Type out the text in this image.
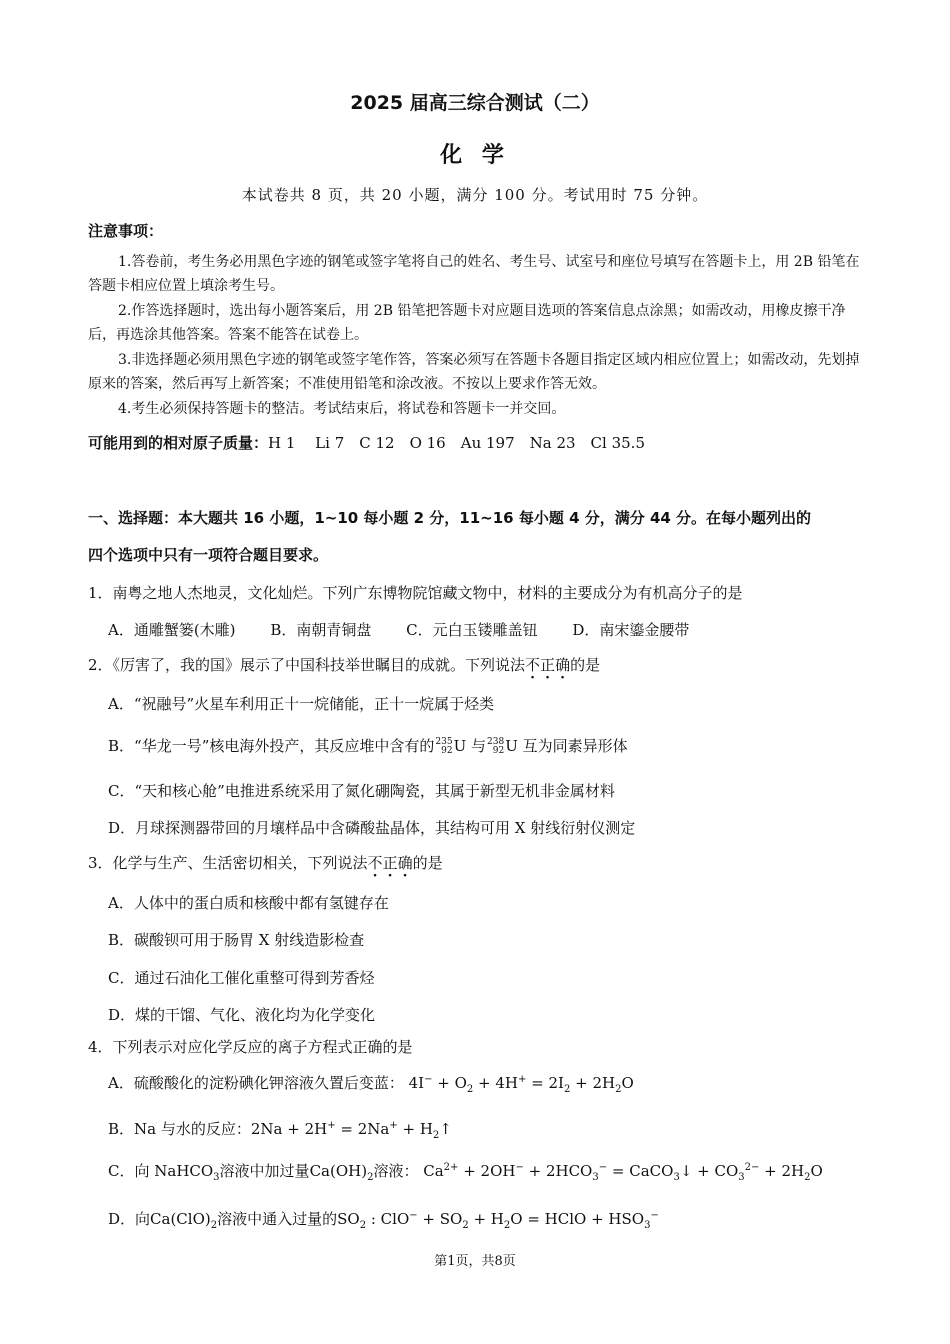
2025 届高三综合测试（二）
化 学
本试卷共 8 页，共 20 小题，满分 100 分。考试用时 75 分钟。
注意事项：
1.答卷前，考生务必用黑色字迹的钢笔或签字笔将自己的姓名、考生号、试室号和座位号填写在答题卡上，用 2B 铅笔在答题卡相应位置上填涂考生号。
2.作答选择题时，选出每小题答案后，用 2B 铅笔把答题卡对应题目选项的答案信息点涂黑；如需改动，用橡皮擦干净后，再选涂其他答案。答案不能答在试卷上。
3.非选择题必须用黑色字迹的钢笔或签字笔作答，答案必须写在答题卡各题目指定区域内相应位置上；如需改动，先划掉原来的答案，然后再写上新答案；不准使用铅笔和涂改液。不按以上要求作答无效。
4.考生必须保持答题卡的整洁。考试结束后，将试卷和答题卡一并交回。
可能用到的相对原子质量：H 1　 Li 7　C 12　O 16　Au 197　Na 23　Cl 35.5
一、选择题：本大题共 16 小题，1~10 每小题 2 分，11~16 每小题 4 分，满分 44 分。在每小题列出的
四个选项中只有一项符合题目要求。
1．南粤之地人杰地灵，文化灿烂。下列广东博物院馆藏文物中，材料的主要成分为有机高分子的是
A．通雕蟹篓(木雕) B．南朝青铜盘 C．元白玉镂雕盖钮 D．南宋鎏金腰带
2．《厉害了，我的国》展示了中国科技举世瞩目的成就。下列说法不正确的是
A．“祝融号”火星车利用正十一烷储能，正十一烷属于烃类
B．“华龙一号”核电海外投产，其反应堆中含有的235
92U 与238
92U 互为同素异形体
C．“天和核心舱”电推进系统采用了氮化硼陶瓷，其属于新型无机非金属材料
D．月球探测器带回的月壤样品中含磷酸盐晶体，其结构可用 X 射线衍射仪测定
3．化学与生产、生活密切相关，下列说法不正确的是
A．人体中的蛋白质和核酸中都有氢键存在
B．碳酸钡可用于肠胃 X 射线造影检查
C．通过石油化工催化重整可得到芳香烃
D．煤的干馏、气化、液化均为化学变化
4．下列表示对应化学反应的离子方程式正确的是
A．硫酸酸化的淀粉碘化钾溶液久置后变蓝： $4I^- + O_2 + 4H^+ = 2I_2 + 2H_2O$
B．Na 与水的反应：$2Na + 2H^+ = 2Na^+ + H_2↑$
C．向 NaHCO$_3$溶液中加过量$Ca(OH)_2$溶液： $Ca^{2+} + 2OH^- + 2HCO_3^-$ = CaCO$_3$↓ + $CO_3^{2-} + 2H_2O$
D．向$Ca(ClO)_2$溶液中通入过量的$SO_2$ : $ClO^- + SO_2 + H_2O$ = HClO + $HSO_3^-$
第1页，共8页
